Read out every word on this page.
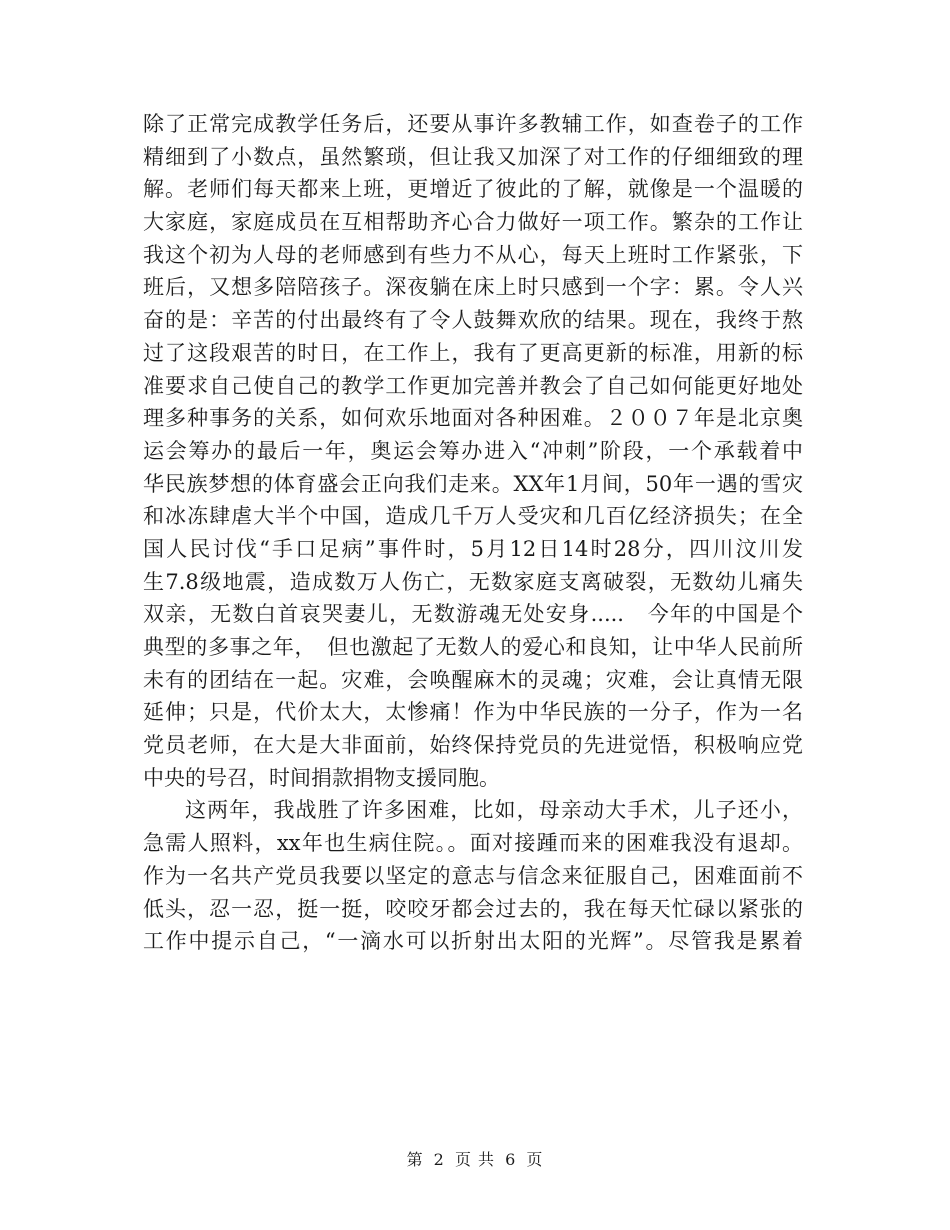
除了正常完成教学任务后，还要从事许多教辅工作，如查卷子的工作
精细到了小数点，虽然繁琐，但让我又加深了对工作的仔细细致的理
解。老师们每天都来上班，更增近了彼此的了解，就像是一个温暖的
大家庭，家庭成员在互相帮助齐心合力做好一项工作。繁杂的工作让
我这个初为人母的老师感到有些力不从心，每天上班时工作紧张，下
班后，又想多陪陪孩子。深夜躺在床上时只感到一个字：累。令人兴
奋的是：辛苦的付出最终有了令人鼓舞欢欣的结果。现在，我终于熬
过了这段艰苦的时日，在工作上，我有了更高更新的标准，用新的标
准要求自己使自己的教学工作更加完善并教会了自己如何能更好地处
理多种事务的关系，如何欢乐地面对各种困难。２００７年是北京奥
运会筹办的最后一年，奥运会筹办进入“冲刺”阶段，一个承载着中
华民族梦想的体育盛会正向我们走来。XX年1月间，50年一遇的雪灾
和冰冻肆虐大半个中国，造成几千万人受灾和几百亿经济损失；在全
国人民讨伐“手口足病”事件时，5月12日14时28分，四川汶川发
生7.8级地震，造成数万人伤亡，无数家庭支离破裂，无数幼儿痛失
双亲，无数白首哀哭妻儿，无数游魂无处安身.....　今年的中国是个
典型的多事之年，　但也激起了无数人的爱心和良知，让中华人民前所
未有的团结在一起。灾难，会唤醒麻木的灵魂；灾难，会让真情无限
延伸；只是，代价太大，太惨痛！作为中华民族的一分子，作为一名
党员老师，在大是大非面前，始终保持党员的先进觉悟，积极响应党
中央的号召，时间捐款捐物支援同胞。
这两年，我战胜了许多困难，比如，母亲动大手术，儿子还小，
急需人照料，xx年也生病住院。。面对接踵而来的困难我没有退却。
作为一名共产党员我要以坚定的意志与信念来征服自己，困难面前不
低头，忍一忍，挺一挺，咬咬牙都会过去的，我在每天忙碌以紧张的
工作中提示自己，“一滴水可以折射出太阳的光辉”。尽管我是累着
第 2 页 共 6 页
